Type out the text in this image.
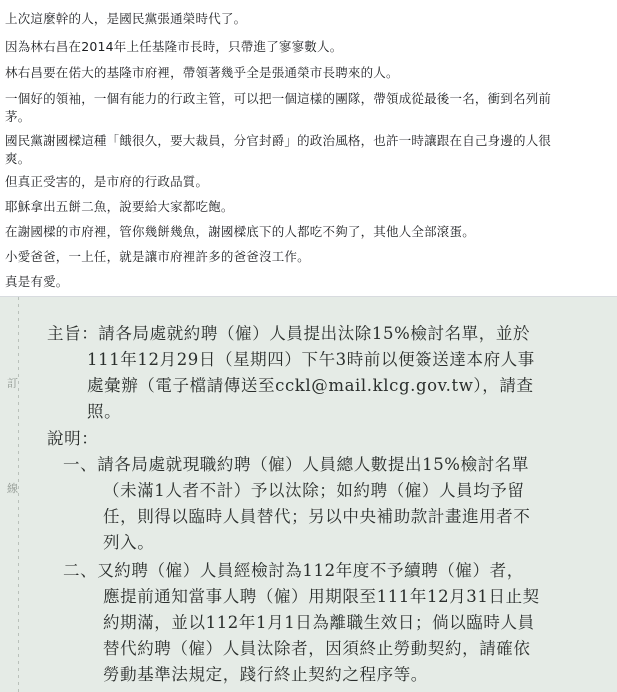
上次這麼幹的人，是國民黨張通榮時代了。
因為林右昌在2014年上任基隆市長時，只帶進了寥寥數人。
林右昌要在偌大的基隆市府裡，帶領著幾乎全是張通榮市長聘來的人。
一個好的領袖，一個有能力的行政主管，可以把一個這樣的團隊，帶領成從最後一名，衝到名列前
茅。
國民黨謝國樑這種「餓很久，要大裁員，分官封爵」的政治風格，也許一時讓跟在自己身邊的人很
爽。
但真正受害的，是市府的行政品質。
耶穌拿出五餅二魚，說要給大家都吃飽。
在謝國樑的市府裡，管你幾餅幾魚，謝國樑底下的人都吃不夠了，其他人全部滾蛋。
小愛爸爸，一上任，就是讓市府裡許多的爸爸沒工作。
真是有愛。
訂
線
主旨：請各局處就約聘（僱）人員提出汰除15%檢討名單，並於
111年12月29日（星期四）下午3時前以便簽送達本府人事
處彙辦（電子檔請傳送至cckl@mail.klcg.gov.tw），請查
照。
說明：
一、請各局處就現職約聘（僱）人員總人數提出15%檢討名單
（未滿1人者不計）予以汰除；如約聘（僱）人員均予留
任，則得以臨時人員替代；另以中央補助款計畫進用者不
列入。
二、又約聘（僱）人員經檢討為112年度不予續聘（僱）者，
應提前通知當事人聘（僱）用期限至111年12月31日止契
約期滿，並以112年1月1日為離職生效日；倘以臨時人員
替代約聘（僱）人員汰除者，因須終止勞動契約，請確依
勞動基準法規定，踐行終止契約之程序等。
